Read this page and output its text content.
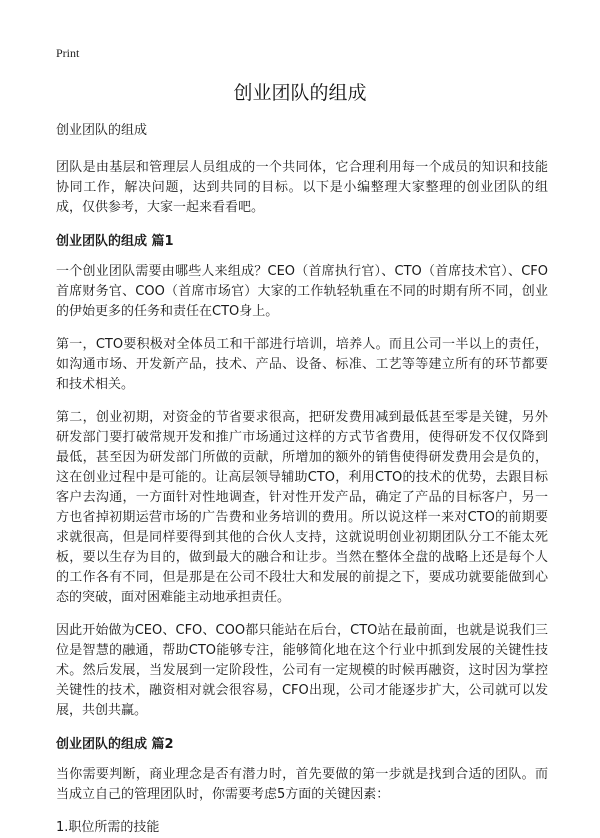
Print
创业团队的组成

创业团队的组成

团队是由基层和管理层人员组成的一个共同体，它合理利用每一个成员的知识和技能协同工作，解决问题，达到共同的目标。以下是小编整理大家整理的创业团队的组成，仅供参考，大家一起来看看吧。

创业团队的组成 篇1

一个创业团队需要由哪些人来组成？CEO（首席执行官）、CTO（首席技术官）、CFO首席财务官、COO（首席市场官）大家的工作轨轻轨重在不同的时期有所不同，创业的伊始更多的任务和责任在CTO身上。

第一，CTO要积极对全体员工和干部进行培训，培养人。而且公司一半以上的责任，如沟通市场、开发新产品，技术、产品、设备、标准、工艺等等建立所有的环节都要和技术相关。

第二，创业初期，对资金的节省要求很高，把研发费用减到最低甚至零是关键，另外研发部门要打破常规开发和推广市场通过这样的方式节省费用，使得研发不仅仅降到最低，甚至因为研发部门所做的贡献，所增加的额外的销售使得研发费用会是负的，这在创业过程中是可能的。让高层领导辅助CTO，利用CTO的技术的优势，去跟目标客户去沟通，一方面针对性地调查，针对性开发产品，确定了产品的目标客户，另一方也省掉初期运营市场的广告费和业务培训的费用。所以说这样一来对CTO的前期要求就很高，但是同样要得到其他的合伙人支持，这就说明创业初期团队分工不能太死板，要以生存为目的，做到最大的融合和让步。当然在整体全盘的战略上还是每个人的工作各有不同，但是那是在公司不段壮大和发展的前提之下，要成功就要能做到心态的突破，面对困难能主动地承担责任。

因此开始做为CEO、CFO、COO都只能站在后台，CTO站在最前面，也就是说我们三位是智慧的融通，帮助CTO能够专注，能够简化地在这个行业中抓到发展的关键性技术。然后发展，当发展到一定阶段性，公司有一定规模的时候再融资，这时因为掌控关键性的技术，融资相对就会很容易，CFO出现，公司才能逐步扩大，公司就可以发展，共创共赢。

创业团队的组成 篇2

当你需要判断，商业理念是否有潜力时，首先要做的第一步就是找到合适的团队。而当成立自己的管理团队时，你需要考虑5方面的关键因素：

1.职位所需的技能
